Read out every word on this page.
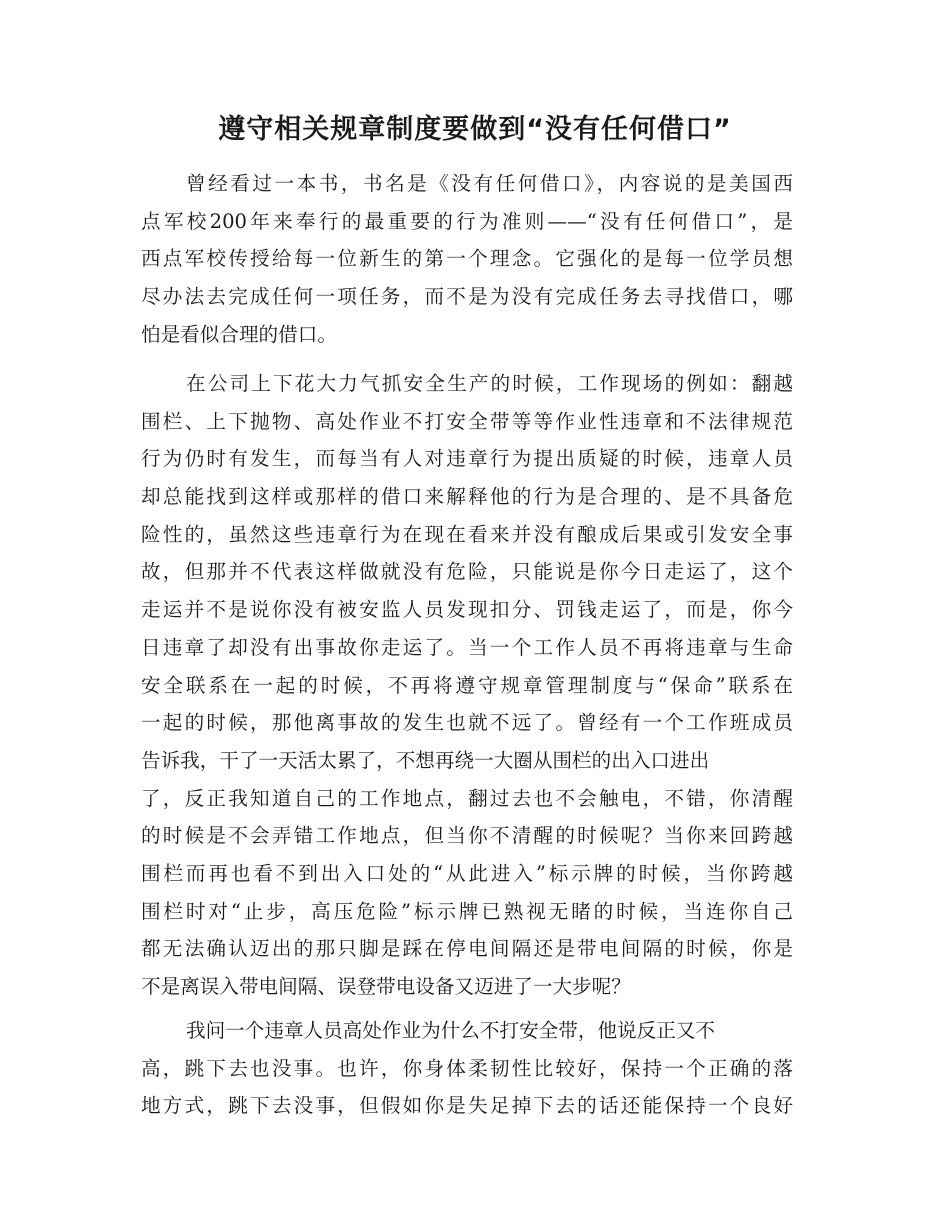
遵守相关规章制度要做到“没有任何借口”
曾经看过一本书，书名是《没有任何借口》，内容说的是美国西
点军校200年来奉行的最重要的行为准则——“没有任何借口”，是
西点军校传授给每一位新生的第一个理念。它强化的是每一位学员想
尽办法去完成任何一项任务，而不是为没有完成任务去寻找借口，哪
怕是看似合理的借口。
在公司上下花大力气抓安全生产的时候，工作现场的例如：翻越
围栏、上下抛物、高处作业不打安全带等等作业性违章和不法律规范
行为仍时有发生，而每当有人对违章行为提出质疑的时候，违章人员
却总能找到这样或那样的借口来解释他的行为是合理的、是不具备危
险性的，虽然这些违章行为在现在看来并没有酿成后果或引发安全事
故，但那并不代表这样做就没有危险，只能说是你今日走运了，这个
走运并不是说你没有被安监人员发现扣分、罚钱走运了，而是，你今
日违章了却没有出事故你走运了。当一个工作人员不再将违章与生命
安全联系在一起的时候，不再将遵守规章管理制度与“保命”联系在
一起的时候，那他离事故的发生也就不远了。曾经有一个工作班成员
告诉我，干了一天活太累了，不想再绕一大圈从围栏的出入口进出
了，反正我知道自己的工作地点，翻过去也不会触电，不错，你清醒
的时候是不会弄错工作地点，但当你不清醒的时候呢？当你来回跨越
围栏而再也看不到出入口处的“从此进入”标示牌的时候，当你跨越
围栏时对“止步，高压危险”标示牌已熟视无睹的时候，当连你自己
都无法确认迈出的那只脚是踩在停电间隔还是带电间隔的时候，你是
不是离误入带电间隔、误登带电设备又迈进了一大步呢？
我问一个违章人员高处作业为什么不打安全带，他说反正又不
高，跳下去也没事。也许，你身体柔韧性比较好，保持一个正确的落
地方式，跳下去没事，但假如你是失足掉下去的话还能保持一个良好
